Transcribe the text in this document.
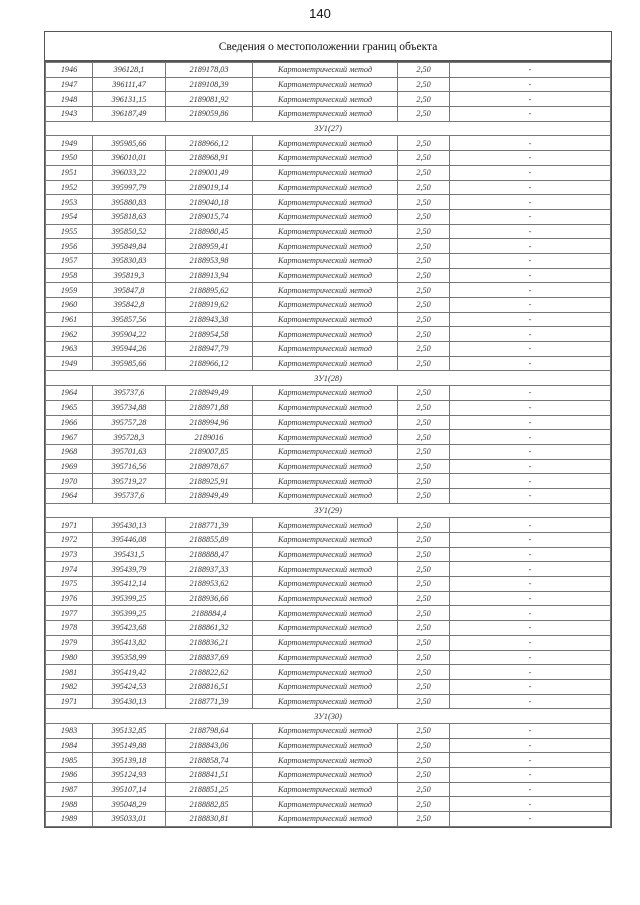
140
Сведения о местоположении границ объекта
1946	396128,1	2189178,03	Картометрический метод	2,50	-
1947	396111,47	2189108,39	Картометрический метод	2,50	-
1948	396131,15	2189081,92	Картометрический метод	2,50	-
1943	396187,49	2189059,86	Картометрический метод	2,50	-
ЗУ1(27)					
1949	395985,66	2188966,12	Картометрический метод	2,50	-
1950	396010,01	2188968,91	Картометрический метод	2,50	-
1951	396033,22	2189001,49	Картометрический метод	2,50	-
1952	395997,79	2189019,14	Картометрический метод	2,50	-
1953	395880,83	2189040,18	Картометрический метод	2,50	-
1954	395818,63	2189015,74	Картометрический метод	2,50	-
1955	395850,52	2188980,45	Картометрический метод	2,50	-
1956	395849,84	2188959,41	Картометрический метод	2,50	-
1957	395830,83	2188953,98	Картометрический метод	2,50	-
1958	395819,3	2188913,94	Картометрический метод	2,50	-
1959	395847,8	2188895,62	Картометрический метод	2,50	-
1960	395842,8	2188919,62	Картометрический метод	2,50	-
1961	395857,56	2188943,38	Картометрический метод	2,50	-
1962	395904,22	2188954,58	Картометрический метод	2,50	-
1963	395944,26	2188947,79	Картометрический метод	2,50	-
1949	395985,66	2188966,12	Картометрический метод	2,50	-
ЗУ1(28)					
1964	395737,6	2188949,49	Картометрический метод	2,50	-
1965	395734,88	2188971,88	Картометрический метод	2,50	-
1966	395757,28	2188994,96	Картометрический метод	2,50	-
1967	395728,3	2189016	Картометрический метод	2,50	-
1968	395701,63	2189007,85	Картометрический метод	2,50	-
1969	395716,56	2188978,67	Картометрический метод	2,50	-
1970	395719,27	2188925,91	Картометрический метод	2,50	-
1964	395737,6	2188949,49	Картометрический метод	2,50	-
ЗУ1(29)					
1971	395430,13	2188771,39	Картометрический метод	2,50	-
1972	395446,08	2188855,89	Картометрический метод	2,50	-
1973	395431,5	2188888,47	Картометрический метод	2,50	-
1974	395439,79	2188937,33	Картометрический метод	2,50	-
1975	395412,14	2188953,62	Картометрический метод	2,50	-
1976	395399,25	2188936,66	Картометрический метод	2,50	-
1977	395399,25	2188884,4	Картометрический метод	2,50	-
1978	395423,68	2188861,32	Картометрический метод	2,50	-
1979	395413,82	2188836,21	Картометрический метод	2,50	-
1980	395358,99	2188837,69	Картометрический метод	2,50	-
1981	395419,42	2188822,62	Картометрический метод	2,50	-
1982	395424,53	2188816,51	Картометрический метод	2,50	-
1971	395430,13	2188771,39	Картометрический метод	2,50	-
ЗУ1(30)					
1983	395132,85	2188798,64	Картометрический метод	2,50	-
1984	395149,88	2188843,06	Картометрический метод	2,50	-
1985	395139,18	2188858,74	Картометрический метод	2,50	-
1986	395124,93	2188841,51	Картометрический метод	2,50	-
1987	395107,14	2188851,25	Картометрический метод	2,50	-
1988	395048,29	2188882,85	Картометрический метод	2,50	-
1989	395033,01	2188830,81	Картометрический метод	2,50	-
